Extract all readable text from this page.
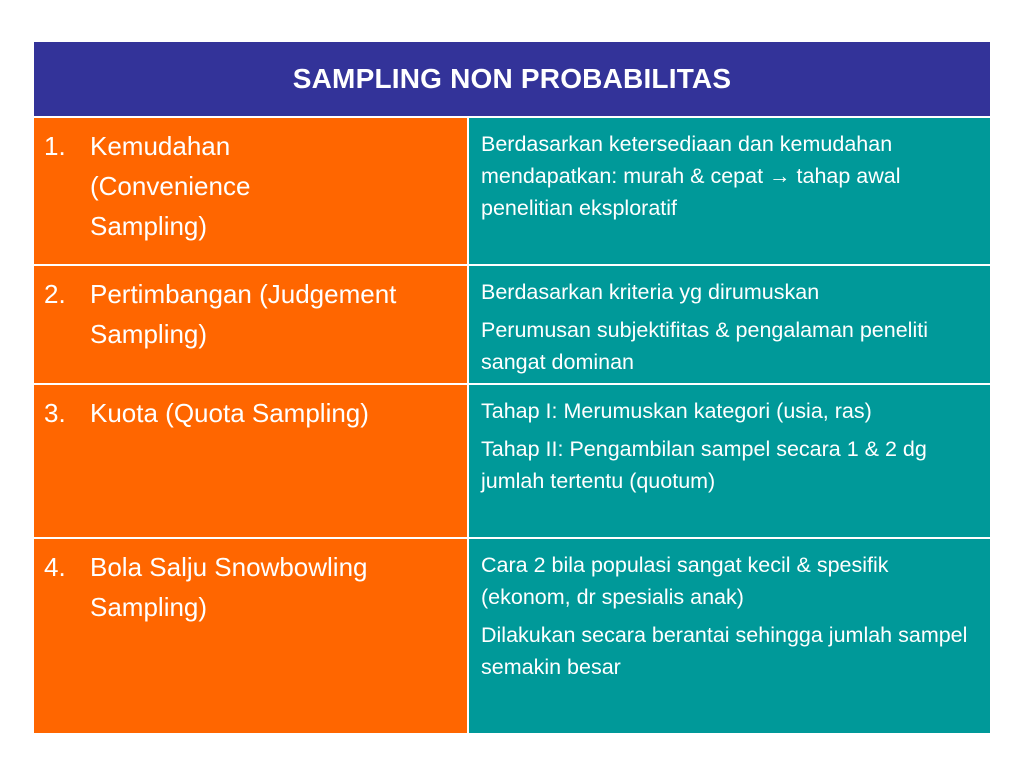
SAMPLING NON PROBABILITAS
1. Kemudahan (Convenience Sampling)

Berdasarkan ketersediaan dan kemudahan mendapatkan: murah & cepat → tahap awal penelitian eksploratif

2. Pertimbangan (Judgement Sampling)

Berdasarkan kriteria yg dirumuskan

Perumusan subjektifitas & pengalaman peneliti sangat dominan

3. Kuota (Quota Sampling)	Tahap I: Merumuskan kategori (usia, ras)

Tahap II: Pengambilan sampel secara 1 & 2 dg jumlah tertentu (quotum)

4. Bola Salju Snowbowling Sampling)

Cara 2 bila populasi sangat kecil & spesifik (ekonom, dr spesialis anak)

Dilakukan secara berantai sehingga jumlah sampel semakin besar
